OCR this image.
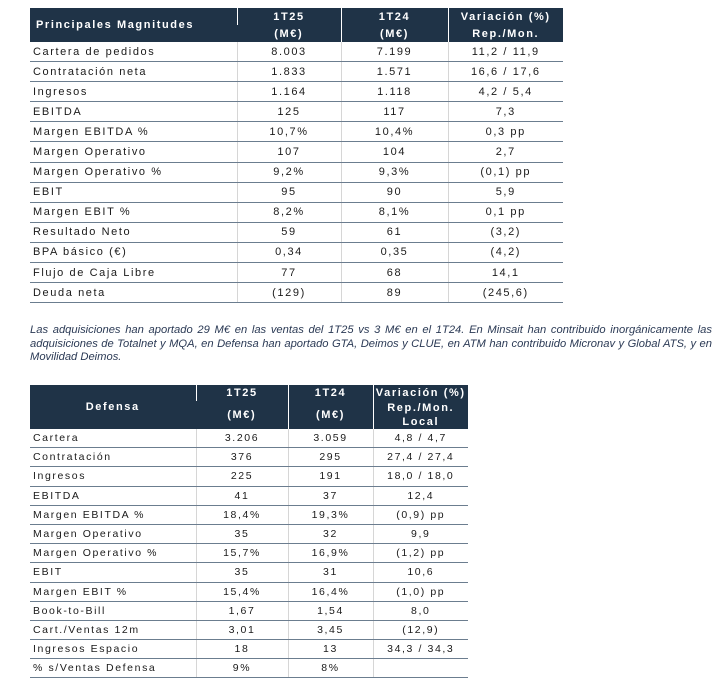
Principales Magnitudes	1T25	1T24	Variación (%)
	(M€)	(M€)	Rep./Mon.
Cartera de pedidos	8.003	7.199	11,2 / 11,9
Contratación neta	1.833	1.571	16,6 / 17,6
Ingresos	1.164	1.118	4,2 / 5,4
EBITDA	125	117	7,3
Margen EBITDA %	10,7%	10,4%	0,3 pp
Margen Operativo	107	104	2,7
Margen Operativo %	9,2%	9,3%	(0,1) pp
EBIT	95	90	5,9
Margen EBIT %	8,2%	8,1%	0,1 pp
Resultado Neto	59	61	(3,2)
BPA básico (€)	0,34	0,35	(4,2)
Flujo de Caja Libre	77	68	14,1
Deuda neta	(129)	89	(245,6)

Las adquisiciones han aportado 29 M€ en las ventas del 1T25 vs 3 M€ en el 1T24. En Minsait han contribuido inorgánicamente las adquisiciones de Totalnet y MQA, en Defensa han aportado GTA, Deimos y CLUE, en ATM han contribuido Micronav y Global ATS, y en Movilidad Deimos.

Defensa	1T25	1T24	Variación (%)
	(M€)	(M€)	Rep./Mon. Local
Cartera	3.206	3.059	4,8 / 4,7
Contratación	376	295	27,4 / 27,4
Ingresos	225	191	18,0 / 18,0
EBITDA	41	37	12,4
Margen EBITDA %	18,4%	19,3%	(0,9) pp
Margen Operativo	35	32	9,9
Margen Operativo %	15,7%	16,9%	(1,2) pp
EBIT	35	31	10,6
Margen EBIT %	15,4%	16,4%	(1,0) pp
Book-to-Bill	1,67	1,54	8,0
Cart./Ventas 12m	3,01	3,45	(12,9)
Ingresos Espacio	18	13	34,3 / 34,3
% s/Ventas Defensa	9%	8%	
